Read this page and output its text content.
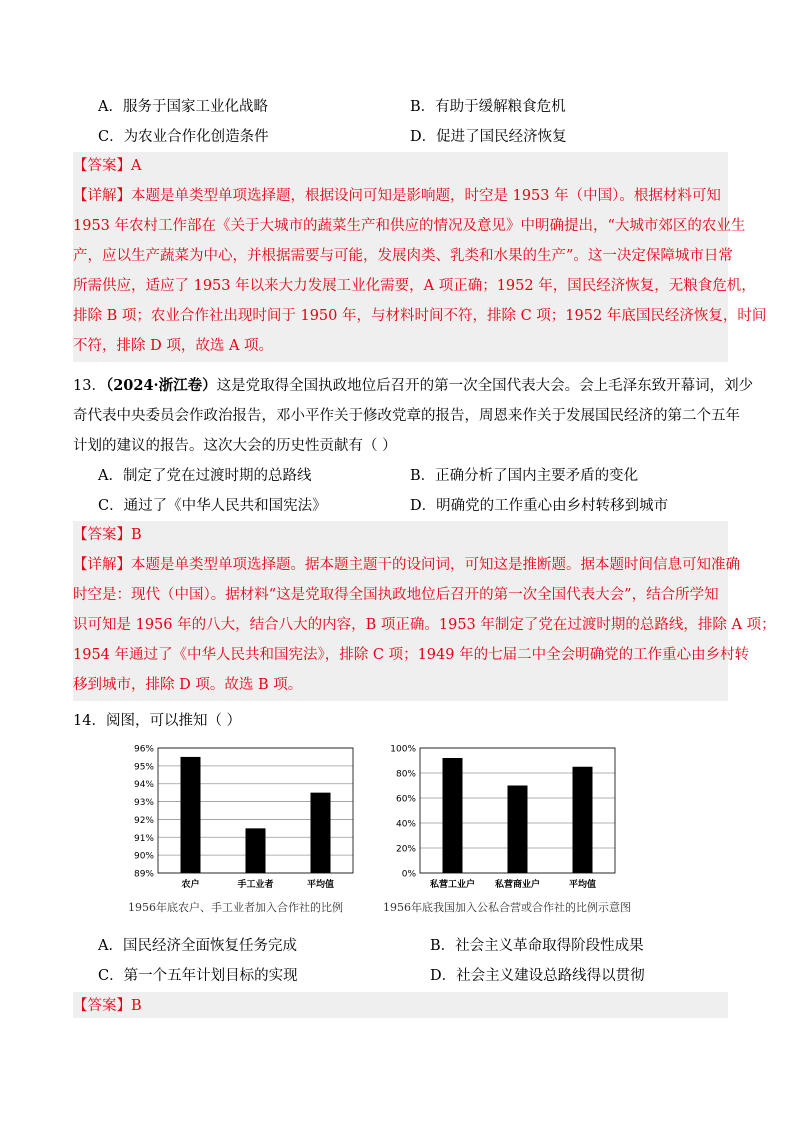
A．服务于国家工业化战略	B．有助于缓解粮食危机
C．为农业合作化创造条件	D．促进了国民经济恢复
【答案】A
【详解】本题是单类型单项选择题，根据设问可知是影响题，时空是 1953 年（中国）。根据材料可知
1953 年农村工作部在《关于大城市的蔬菜生产和供应的情况及意见》中明确提出，“大城市郊区的农业生
产，应以生产蔬菜为中心，并根据需要与可能，发展肉类、乳类和水果的生产”。这一决定保障城市日常
所需供应，适应了 1953 年以来大力发展工业化需要，A 项正确；1952 年，国民经济恢复，无粮食危机，
排除 B 项；农业合作社出现时间于 1950 年，与材料时间不符，排除 C 项；1952 年底国民经济恢复，时间
不符，排除 D 项，故选 A 项。
13．（2024·浙江卷）这是党取得全国执政地位后召开的第一次全国代表大会。会上毛泽东致开幕词，刘少
奇代表中央委员会作政治报告，邓小平作关于修改党章的报告，周恩来作关于发展国民经济的第二个五年
计划的建议的报告。这次大会的历史性贡献有（ ）
A．制定了党在过渡时期的总路线	B．正确分析了国内主要矛盾的变化
C．通过了《中华人民共和国宪法》	D．明确党的工作重心由乡村转移到城市
【答案】B
【详解】本题是单类型单项选择题。据本题主题干的设问词，可知这是推断题。据本题时间信息可知准确
时空是：现代（中国）。据材料“这是党取得全国执政地位后召开的第一次全国代表大会”，结合所学知
识可知是 1956 年的八大，结合八大的内容，B 项正确。1953 年制定了党在过渡时期的总路线，排除 A 项；
1954 年通过了《中华人民共和国宪法》，排除 C 项；1949 年的七届二中全会明确党的工作重心由乡村转
移到城市，排除 D 项。故选 B 项。
14．阅图，可以推知（ ）
89%
90%
91%
92%
93%
94%
95%
96%
农户	手工业者	平均值
1956年底农户、手工业者加入合作社的比例
0%
20%
40%
60%
80%
100%
私营工业户 私营商业户	平均值
1956年底我国加入公私合营或合作社的比例示意图
A．国民经济全面恢复任务完成	B．社会主义革命取得阶段性成果
C．第一个五年计划目标的实现	D．社会主义建设总路线得以贯彻
【答案】B
